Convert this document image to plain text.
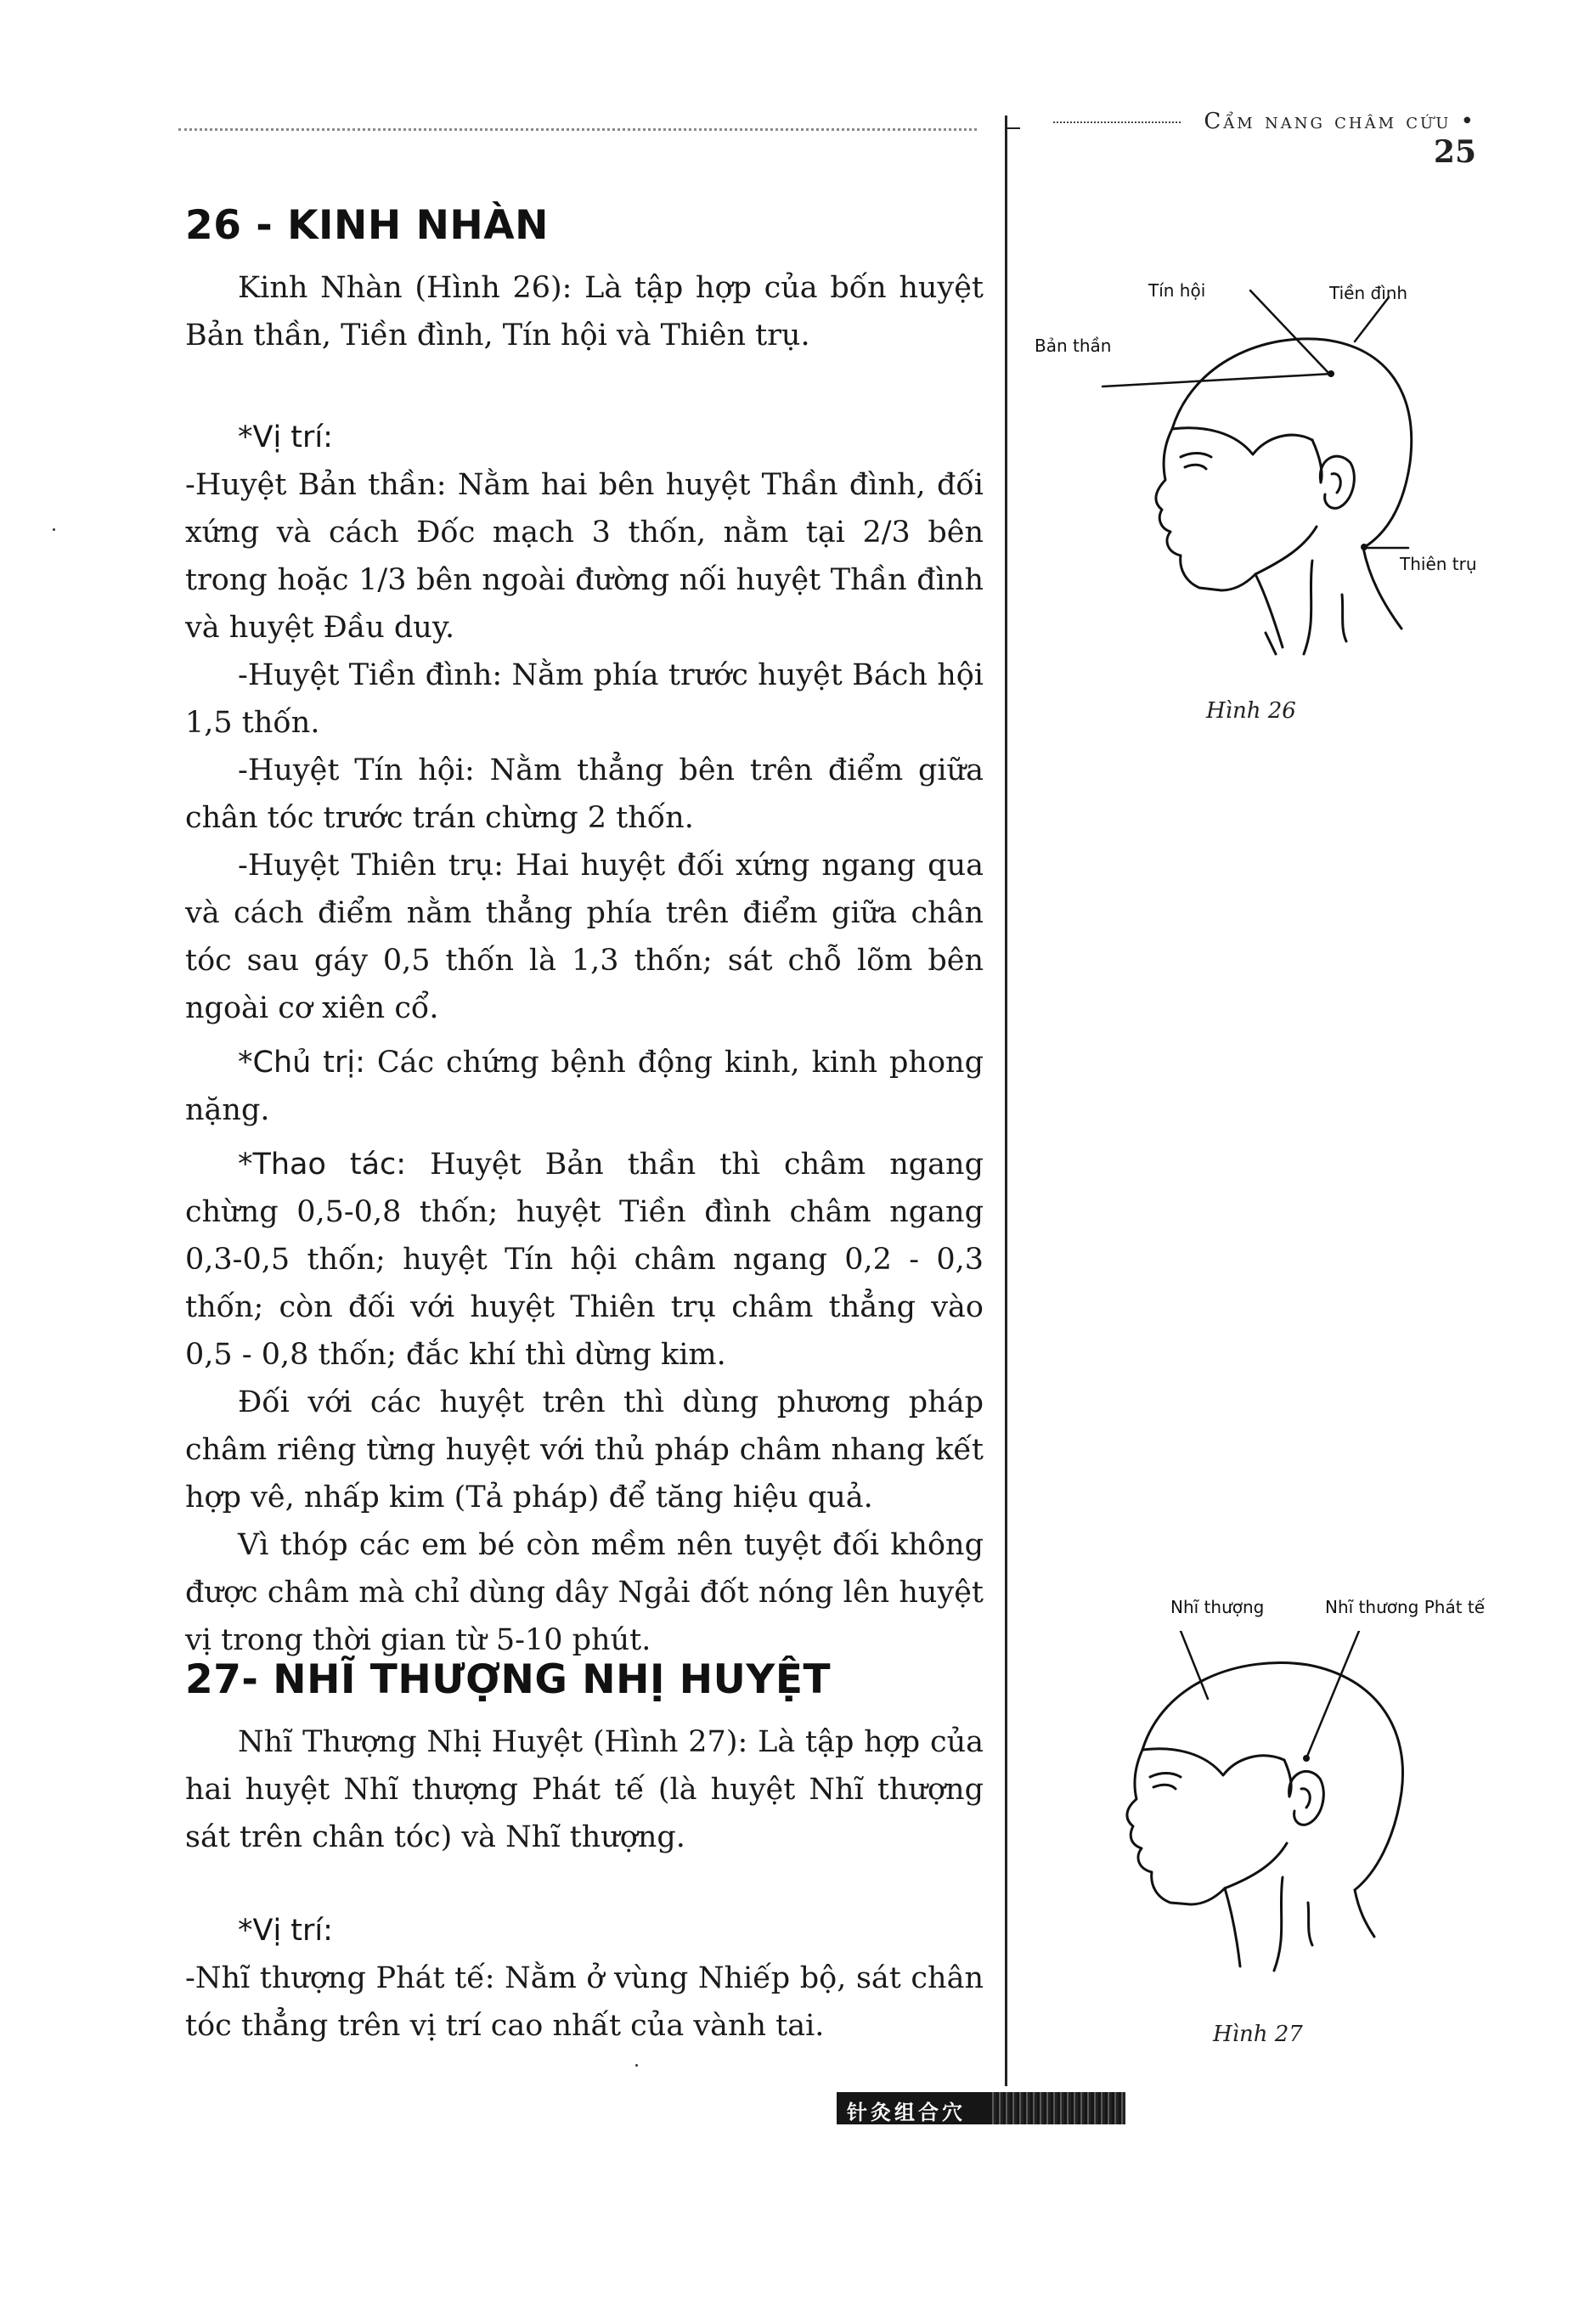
Cẩm nang châm cứu • 25
26 - KINH NHÀN

Kinh Nhàn (Hình 26): Là tập hợp của bốn huyệt Bản thần, Tiền đình, Tín hội và Thiên trụ.

*Vị trí:

-Huyệt Bản thần: Nằm hai bên huyệt Thần đình, đối xứng và cách Đốc mạch 3 thốn, nằm tại 2/3 bên trong hoặc 1/3 bên ngoài đường nối huyệt Thần đình và huyệt Đầu duy.

-Huyệt Tiền đình: Nằm phía trước huyệt Bách hội 1,5 thốn.

-Huyệt Tín hội: Nằm thẳng bên trên điểm giữa chân tóc trước trán chừng 2 thốn.

-Huyệt Thiên trụ: Hai huyệt đối xứng ngang qua và cách điểm nằm thẳng phía trên điểm giữa chân tóc sau gáy 0,5 thốn là 1,3 thốn; sát chỗ lõm bên ngoài cơ xiên cổ.

*Chủ trị: Các chứng bệnh động kinh, kinh phong nặng.

*Thao tác: Huyệt Bản thần thì châm ngang chừng 0,5-0,8 thốn; huyệt Tiền đình châm ngang 0,3-0,5 thốn; huyệt Tín hội châm ngang 0,2 - 0,3 thốn; còn đối với huyệt Thiên trụ châm thẳng vào 0,5 - 0,8 thốn; đắc khí thì dừng kim.

Đối với các huyệt trên thì dùng phương pháp châm riêng từng huyệt với thủ pháp châm nhang kết hợp vê, nhấp kim (Tả pháp) để tăng hiệu quả.

Vì thóp các em bé còn mềm nên tuyệt đối không được châm mà chỉ dùng dây Ngải đốt nóng lên huyệt vị trong thời gian từ 5-10 phút.

27- NHĨ THƯỢNG NHỊ HUYỆT

Nhĩ Thượng Nhị Huyệt (Hình 27): Là tập hợp của hai huyệt Nhĩ thượng Phát tế (là huyệt Nhĩ thượng sát trên chân tóc) và Nhĩ thượng.

*Vị trí:

-Nhĩ thượng Phát tế: Nằm ở vùng Nhiếp bộ, sát chân tóc thẳng trên vị trí cao nhất của vành tai.

Tín hội	Tiền đình
Bản thần
Thiên trụ
Hình 26
Nhĩ thượng	Nhĩ thương Phát tế
Hình 27
针灸组合穴
